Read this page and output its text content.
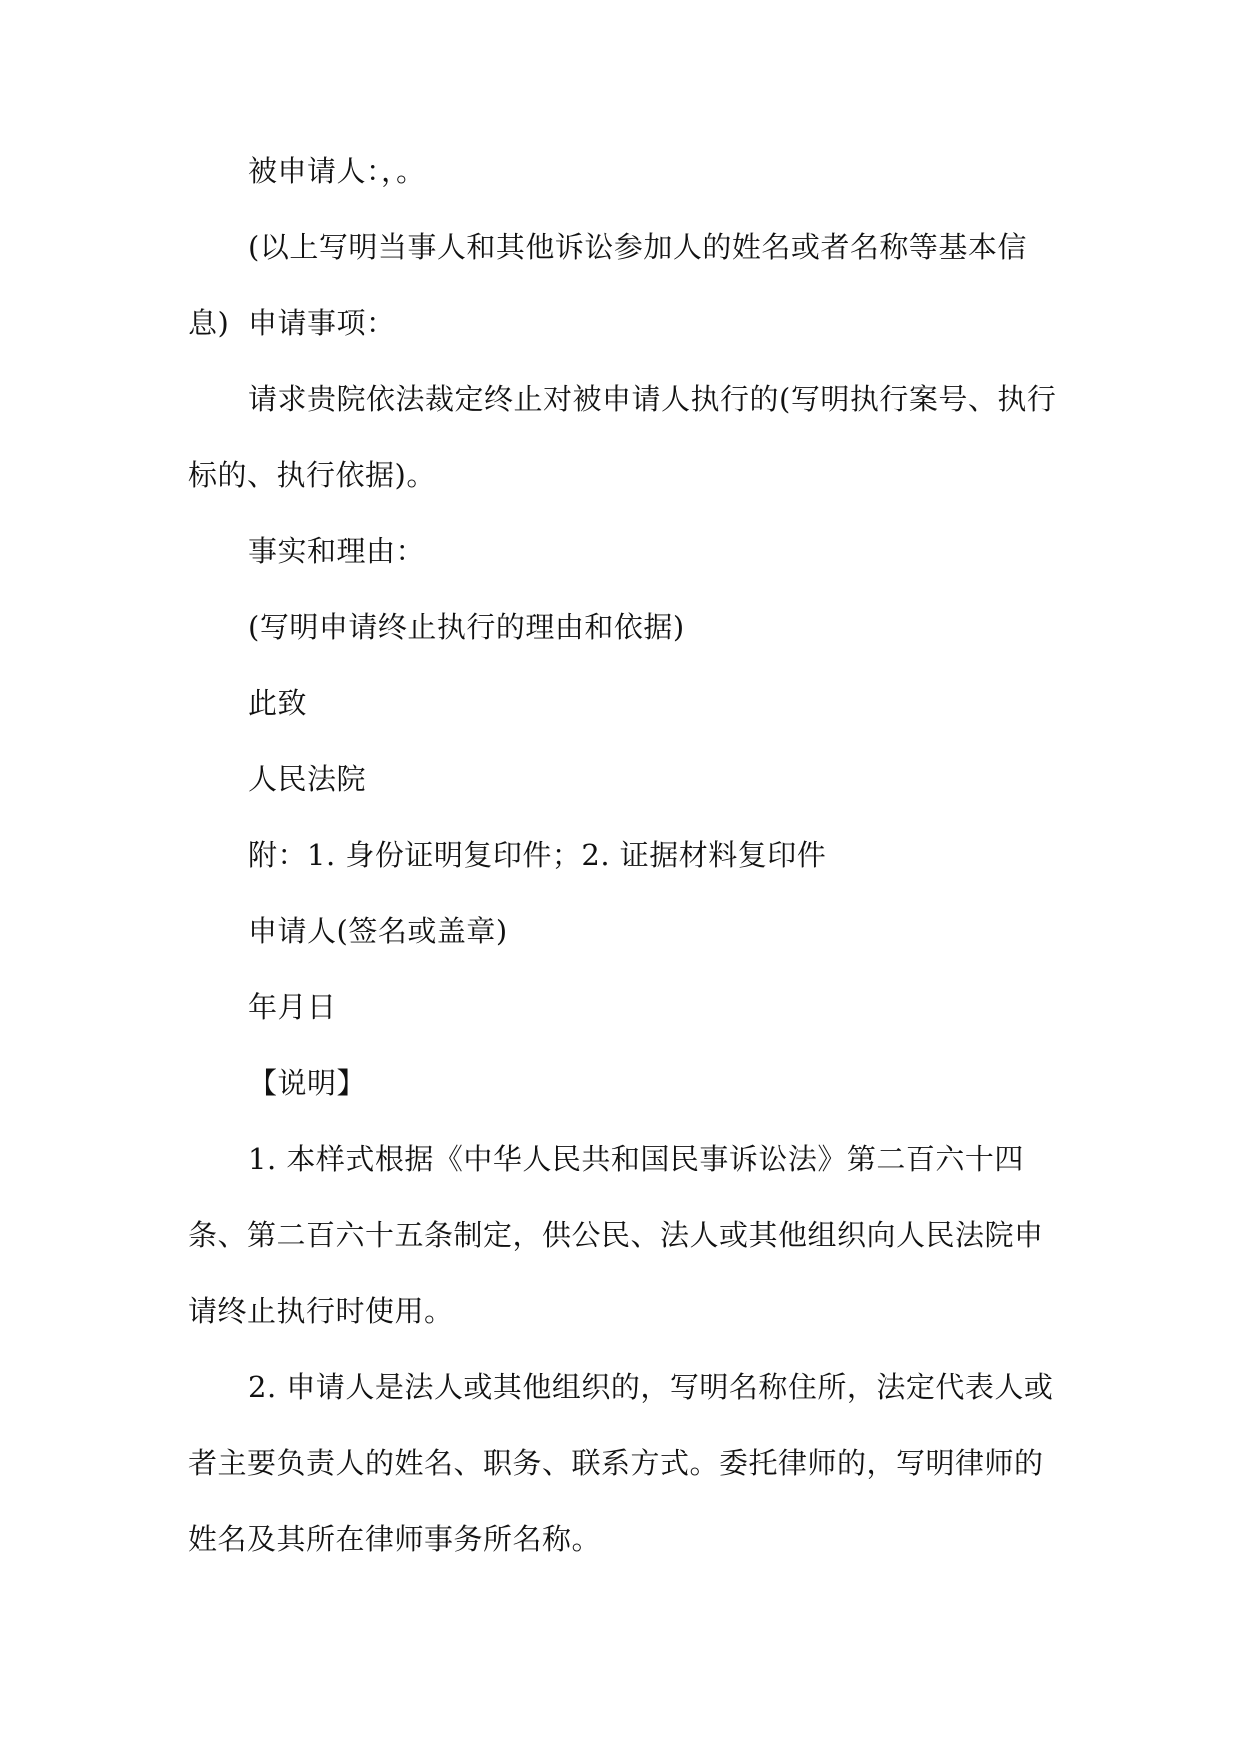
被申请人：，。

(以上写明当事人和其他诉讼参加人的姓名或者名称等基本信息) 申请事项：

请求贵院依法裁定终止对被申请人执行的(写明执行案号、执行标的、执行依据)。

事实和理由：

(写明申请终止执行的理由和依据)

此致

人民法院

附：1. 身份证明复印件；2. 证据材料复印件

申请人(签名或盖章)

年月日

【说明】

1. 本样式根据《中华人民共和国民事诉讼法》第二百六十四条、第二百六十五条制定，供公民、法人或其他组织向人民法院申请终止执行时使用。

2. 申请人是法人或其他组织的，写明名称住所，法定代表人或者主要负责人的姓名、职务、联系方式。委托律师的，写明律师的姓名及其所在律师事务所名称。
